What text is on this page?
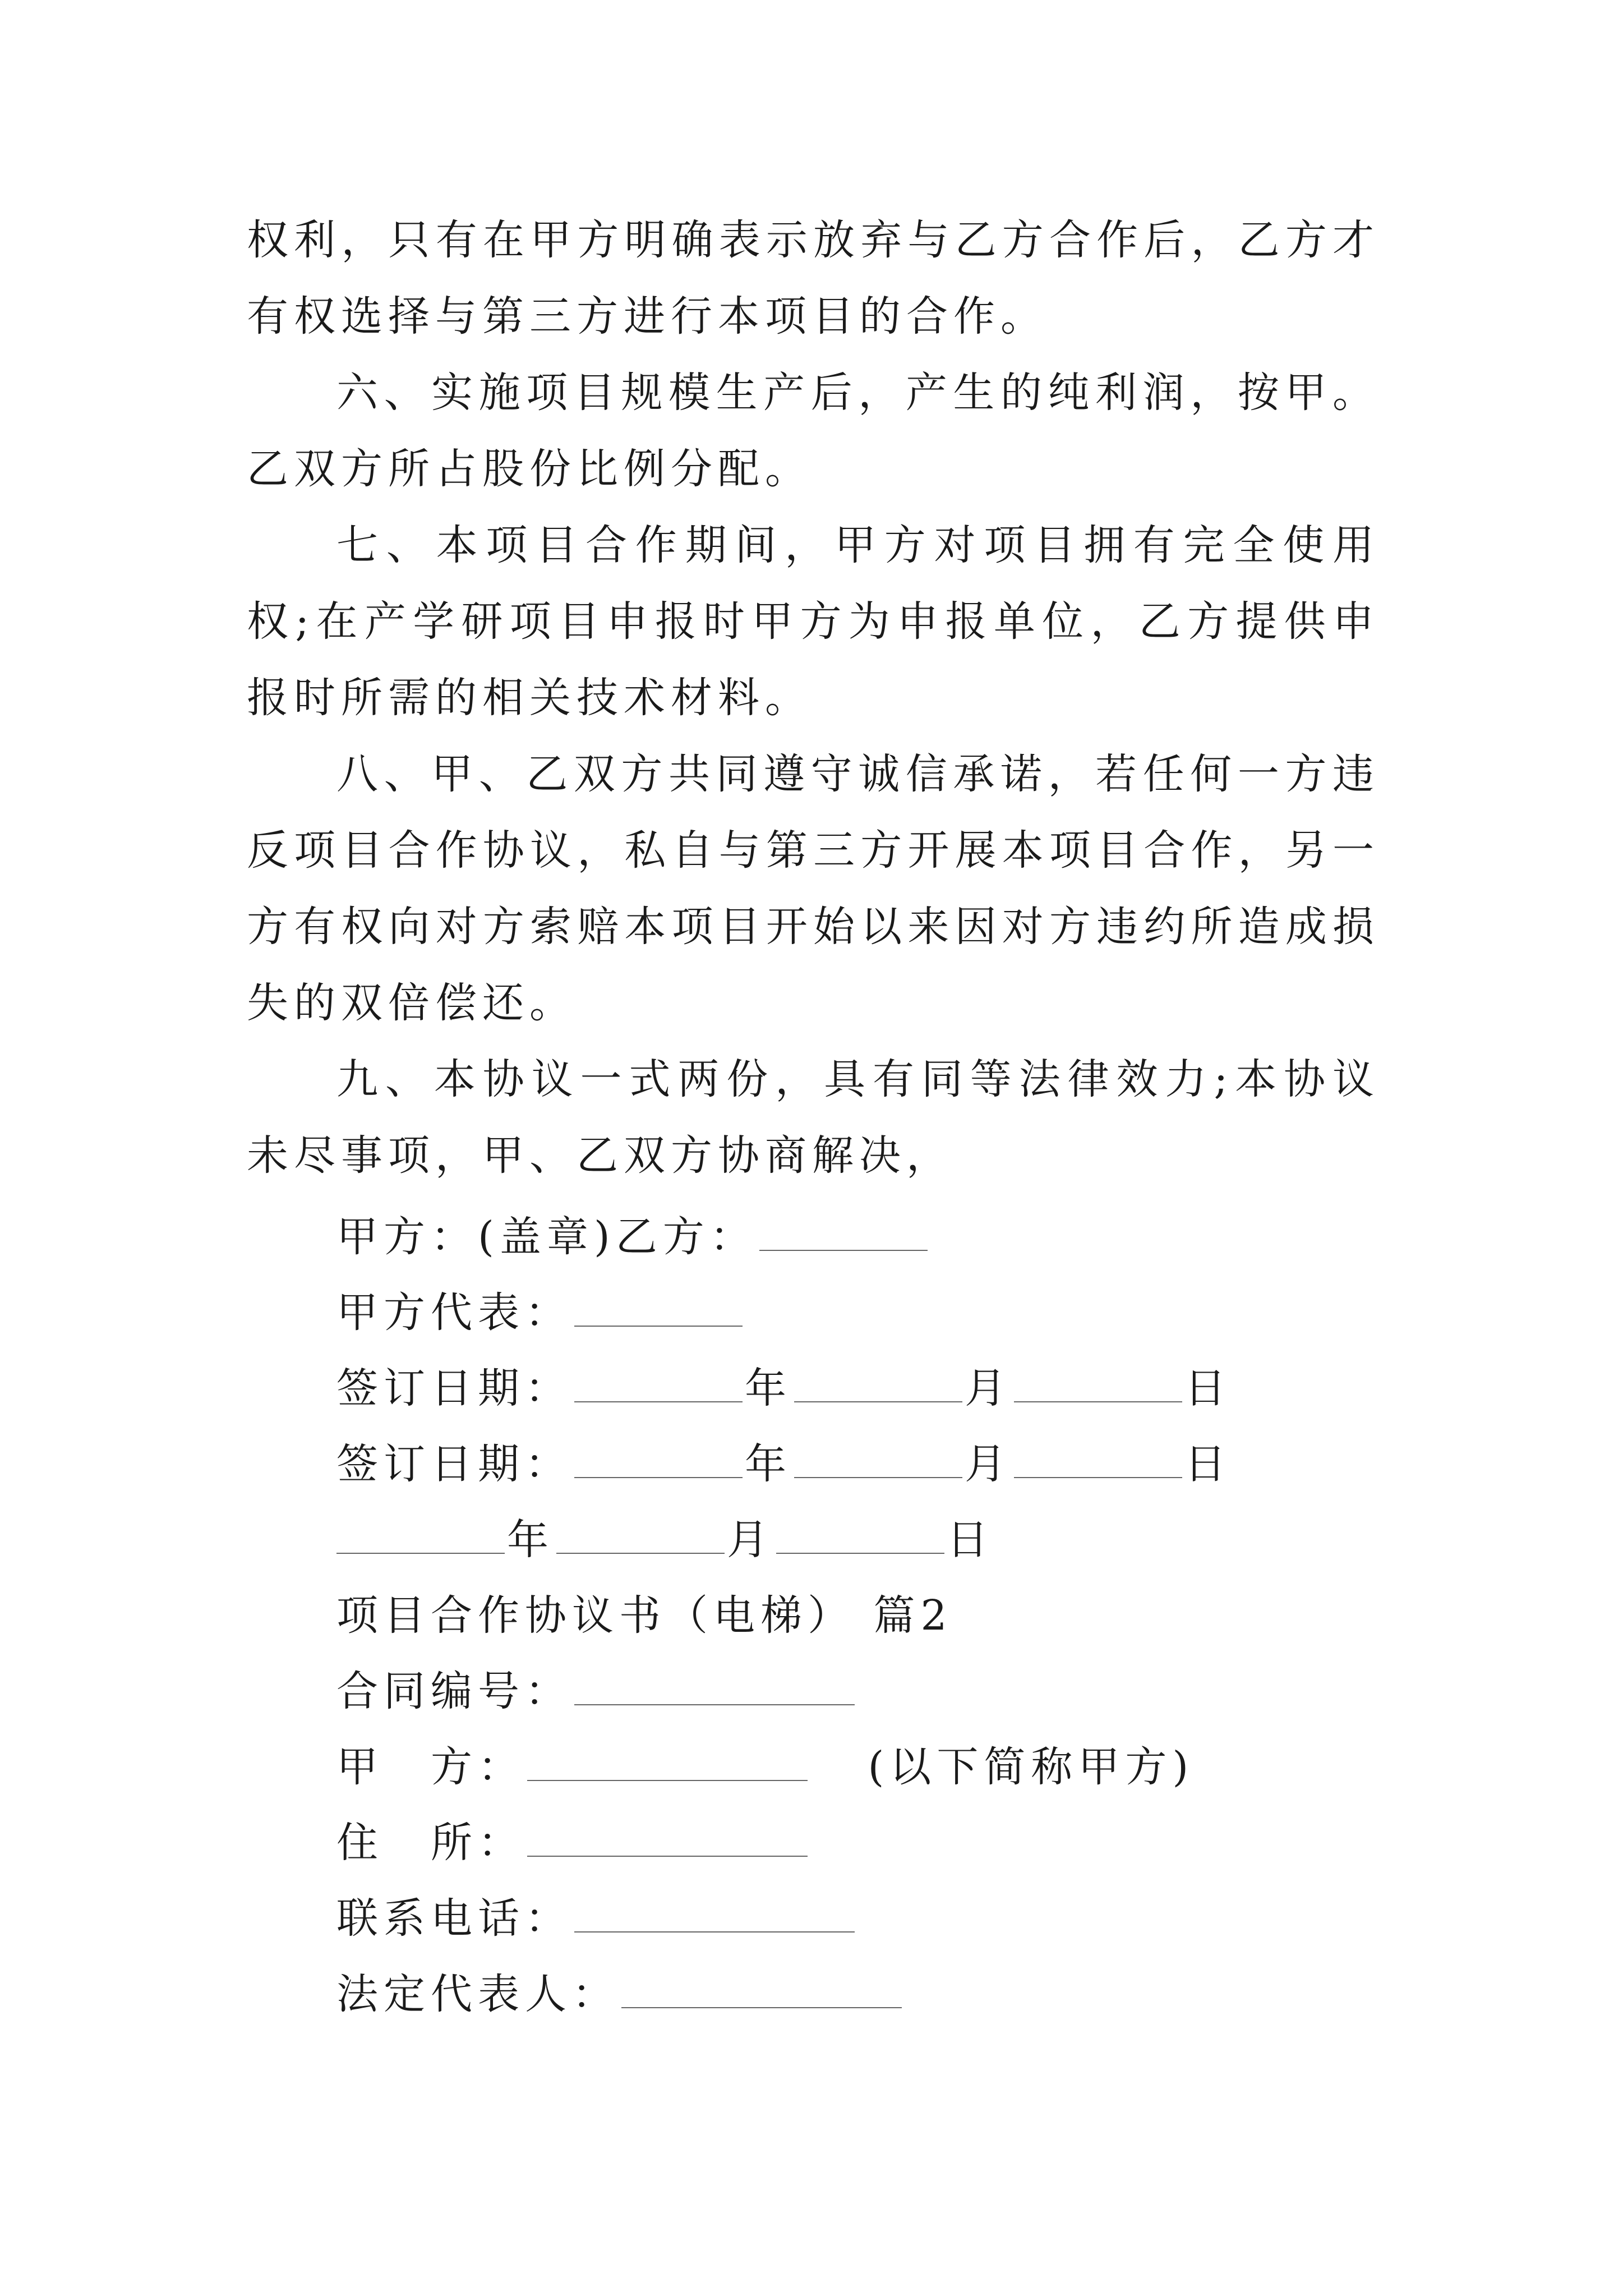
权利，只有在甲方明确表示放弃与乙方合作后，乙方才有权选择与第三方进行本项目的合作。

六、实施项目规模生产后，产生的纯利润，按甲。乙双方所占股份比例分配。

七、本项目合作期间，甲方对项目拥有完全使用权;在产学研项目申报时甲方为申报单位，乙方提供申报时所需的相关技术材料。

八、甲、乙双方共同遵守诚信承诺，若任何一方违反项目合作协议，私自与第三方开展本项目合作，另一方有权向对方索赔本项目开始以来因对方违约所造成损失的双倍偿还。

九、本协议一式两份，具有同等法律效力;本协议未尽事项，甲、乙双方协商解决，

甲方：(盖章)乙方：
甲方代表：
签订日期：	年	月	日
签订日期：	年	月	日
年	月	日
项目合作协议书（电梯） 篇2
合同编号：
甲　方：	(以下简称甲方)
住　所：
联系电话：
法定代表人：
